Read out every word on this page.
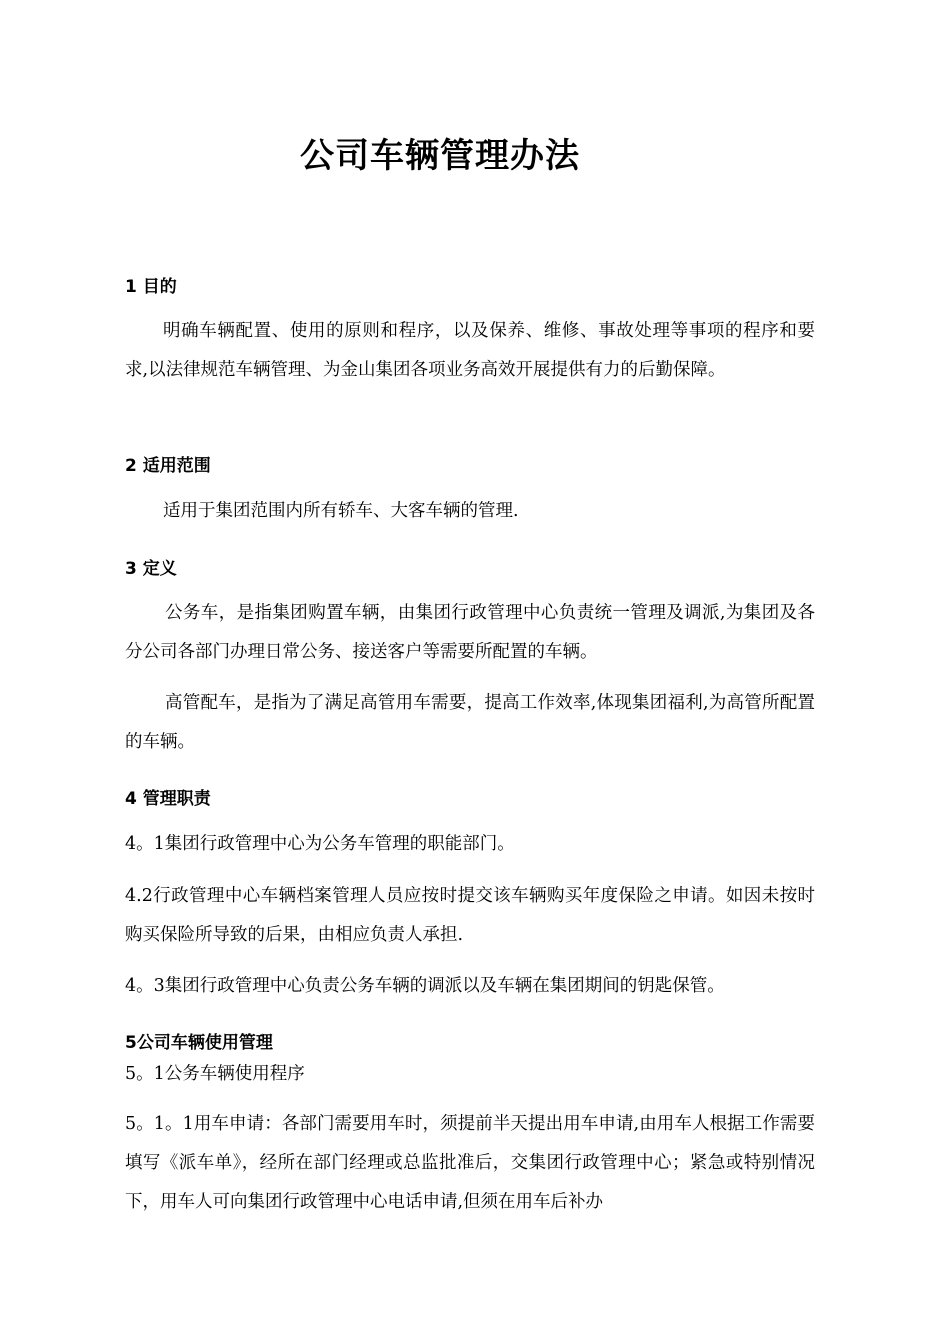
公司车辆管理办法
1 目的
明确车辆配置、使用的原则和程序，以及保养、维修、事故处理等事项的程序和要求,以法律规范车辆管理、为金山集团各项业务高效开展提供有力的后勤保障。
2 适用范围
适用于集团范围内所有轿车、大客车辆的管理.
3 定义
公务车，是指集团购置车辆，由集团行政管理中心负责统一管理及调派,为集团及各分公司各部门办理日常公务、接送客户等需要所配置的车辆。
高管配车，是指为了满足高管用车需要，提高工作效率,体现集团福利,为高管所配置的车辆。
4 管理职责
4。1集团行政管理中心为公务车管理的职能部门。
4.2行政管理中心车辆档案管理人员应按时提交该车辆购买年度保险之申请。如因未按时购买保险所导致的后果，由相应负责人承担.
4。3集团行政管理中心负责公务车辆的调派以及车辆在集团期间的钥匙保管。
5公司车辆使用管理
5。1公务车辆使用程序
5。1。1用车申请：各部门需要用车时，须提前半天提出用车申请,由用车人根据工作需要填写《派车单》，经所在部门经理或总监批准后，交集团行政管理中心；紧急或特别情况下，用车人可向集团行政管理中心电话申请,但须在用车后补办
